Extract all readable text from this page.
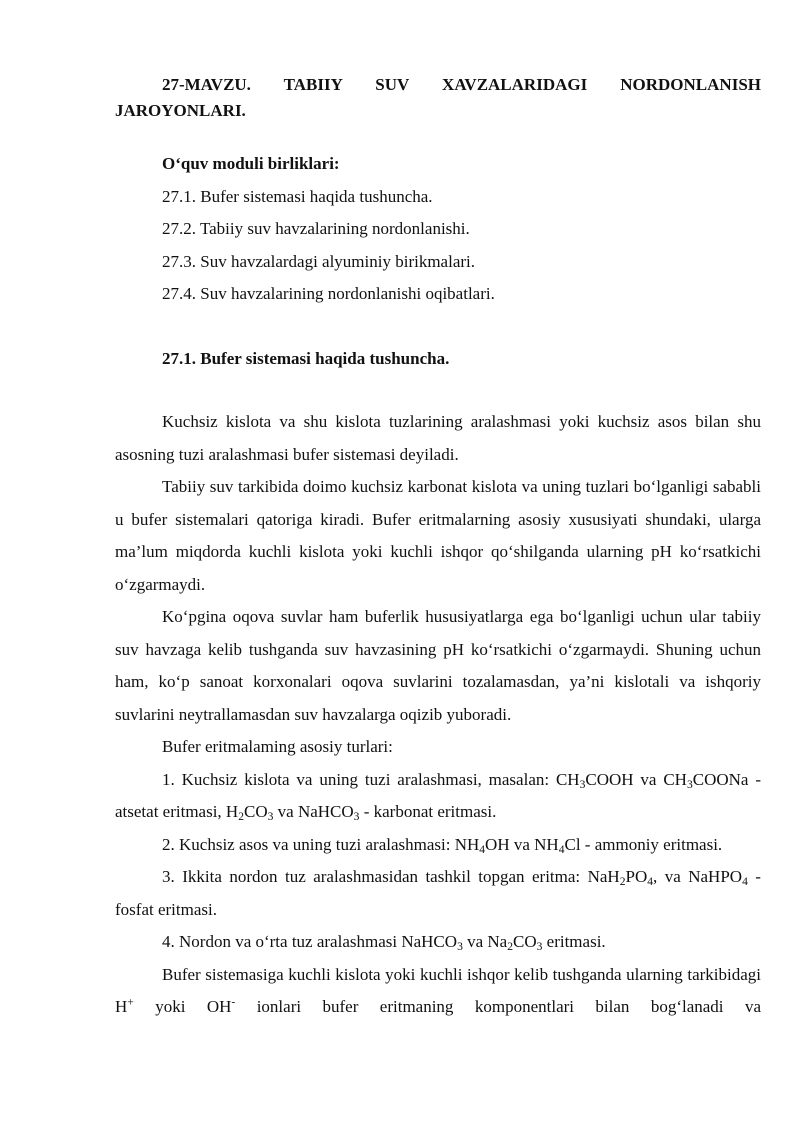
27-MAVZU. TABIIY SUV XAVZALARIDAGI NORDONLANISH JAROYONLARI.

O‘quv moduli birliklari:

27.1. Bufer sistemasi haqida tushuncha.

27.2. Tabiiy suv havzalarining nordonlanishi.

27.3. Suv havzalardagi alyuminiy birikmalari.

27.4. Suv havzalarining nordonlanishi oqibatlari.

27.1. Bufer sistemasi haqida tushuncha.

Kuchsiz kislota va shu kislota tuzlarining aralashmasi yoki kuchsiz asos bilan shu asosning tuzi aralashmasi bufer sistemasi deyiladi.

Tabiiy suv tarkibida doimo kuchsiz karbonat kislota va uning tuzlari bo‘lganligi sababli u bufer sistemalari qatoriga kiradi. Bufer eritmalarning asosiy xususiyati shundaki, ularga ma’lum miqdorda kuchli kislota yoki kuchli ishqor qo‘shilganda ularning pH ko‘rsatkichi o‘zgarmaydi.

Ko‘pgina oqova suvlar ham buferlik hususiyatlarga ega bo‘lganligi uchun ular tabiiy suv havzaga kelib tushganda suv havzasining pH ko‘rsatkichi o‘zgarmaydi. Shuning uchun ham, ko‘p sanoat korxonalari oqova suvlarini tozalamasdan, ya’ni kislotali va ishqoriy suvlarini neytrallamasdan suv havzalarga oqizib yuboradi.

Bufer eritmalaming asosiy turlari:

1. Kuchsiz kislota va uning tuzi aralashmasi, masalan: $CH_3COOH$ va $CH_3COONa$ - atsetat eritmasi, $H_2CO_3$ va NaHCO$_3$ - karbonat eritmasi.

2. Kuchsiz asos va uning tuzi aralashmasi: $NH_4OH$ va $NH_4Cl$ - ammoniy eritmasi.

3. Ikkita nordon tuz aralashmasidan tashkil topgan eritma: $NaH_2PO_4$, va NaHPO$_4$ - fosfat eritmasi.

4. Nordon va o‘rta tuz aralashmasi NaHCO$_3$ va $Na_2CO_3$ eritmasi.

Bufer sistemasiga kuchli kislota yoki kuchli ishqor kelib tushganda ularning tarkibidagi H+ yoki OH- ionlari bufer eritmaning komponentlari bilan bog‘lanadi va
